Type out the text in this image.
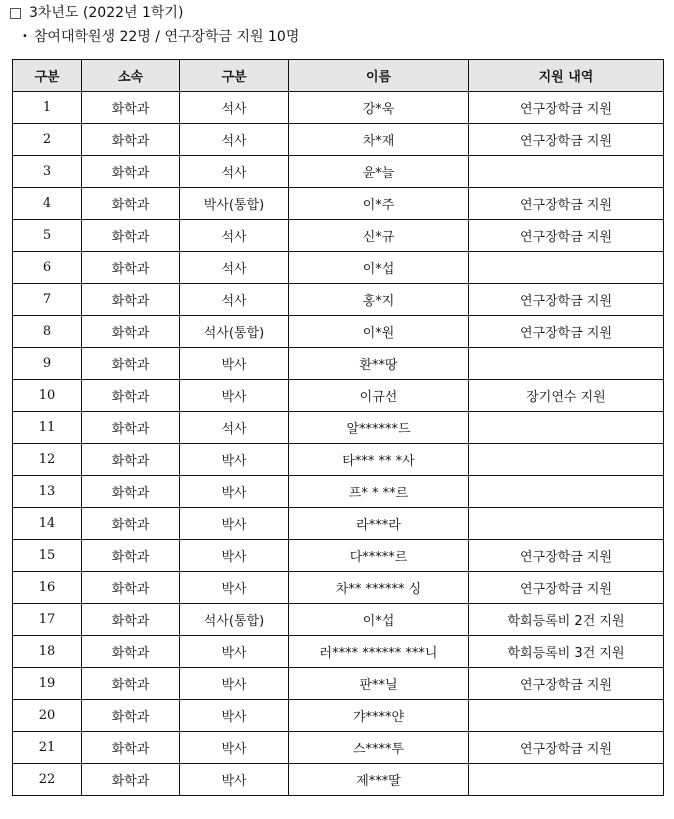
3차년도 (2022년 1학기)
• 참여대학원생 22명 / 연구장학금 지원 10명
구분	소속	구분	이름	지원 내역
1	화학과	석사	강*욱	연구장학금 지원
2	화학과	석사	차*재	연구장학금 지원
3	화학과	석사	윤*늘	
4	화학과	박사(통합)	이*주	연구장학금 지원
5	화학과	석사	신*규	연구장학금 지원
6	화학과	석사	이*섭	
7	화학과	석사	홍*지	연구장학금 지원
8	화학과	석사(통합)	이*원	연구장학금 지원
9	화학과	박사	환**땅	
10	화학과	박사	이규선	장기연수 지원
11	화학과	석사	알******드	
12	화학과	박사	타*** ** *사	
13	화학과	박사	프* * **르	
14	화학과	박사	라***라	
15	화학과	박사	다*****르	연구장학금 지원
16	화학과	박사	차** ****** 싱	연구장학금 지원
17	화학과	석사(통합)	이*섭	학회등록비 2건 지원
18	화학과	박사	러**** ****** ***니	학회등록비 3건 지원
19	화학과	박사	판**닐	연구장학금 지원
20	화학과	박사	갸****얀	
21	화학과	박사	스****투	연구장학금 지원
22	화학과	박사	제***딸	
